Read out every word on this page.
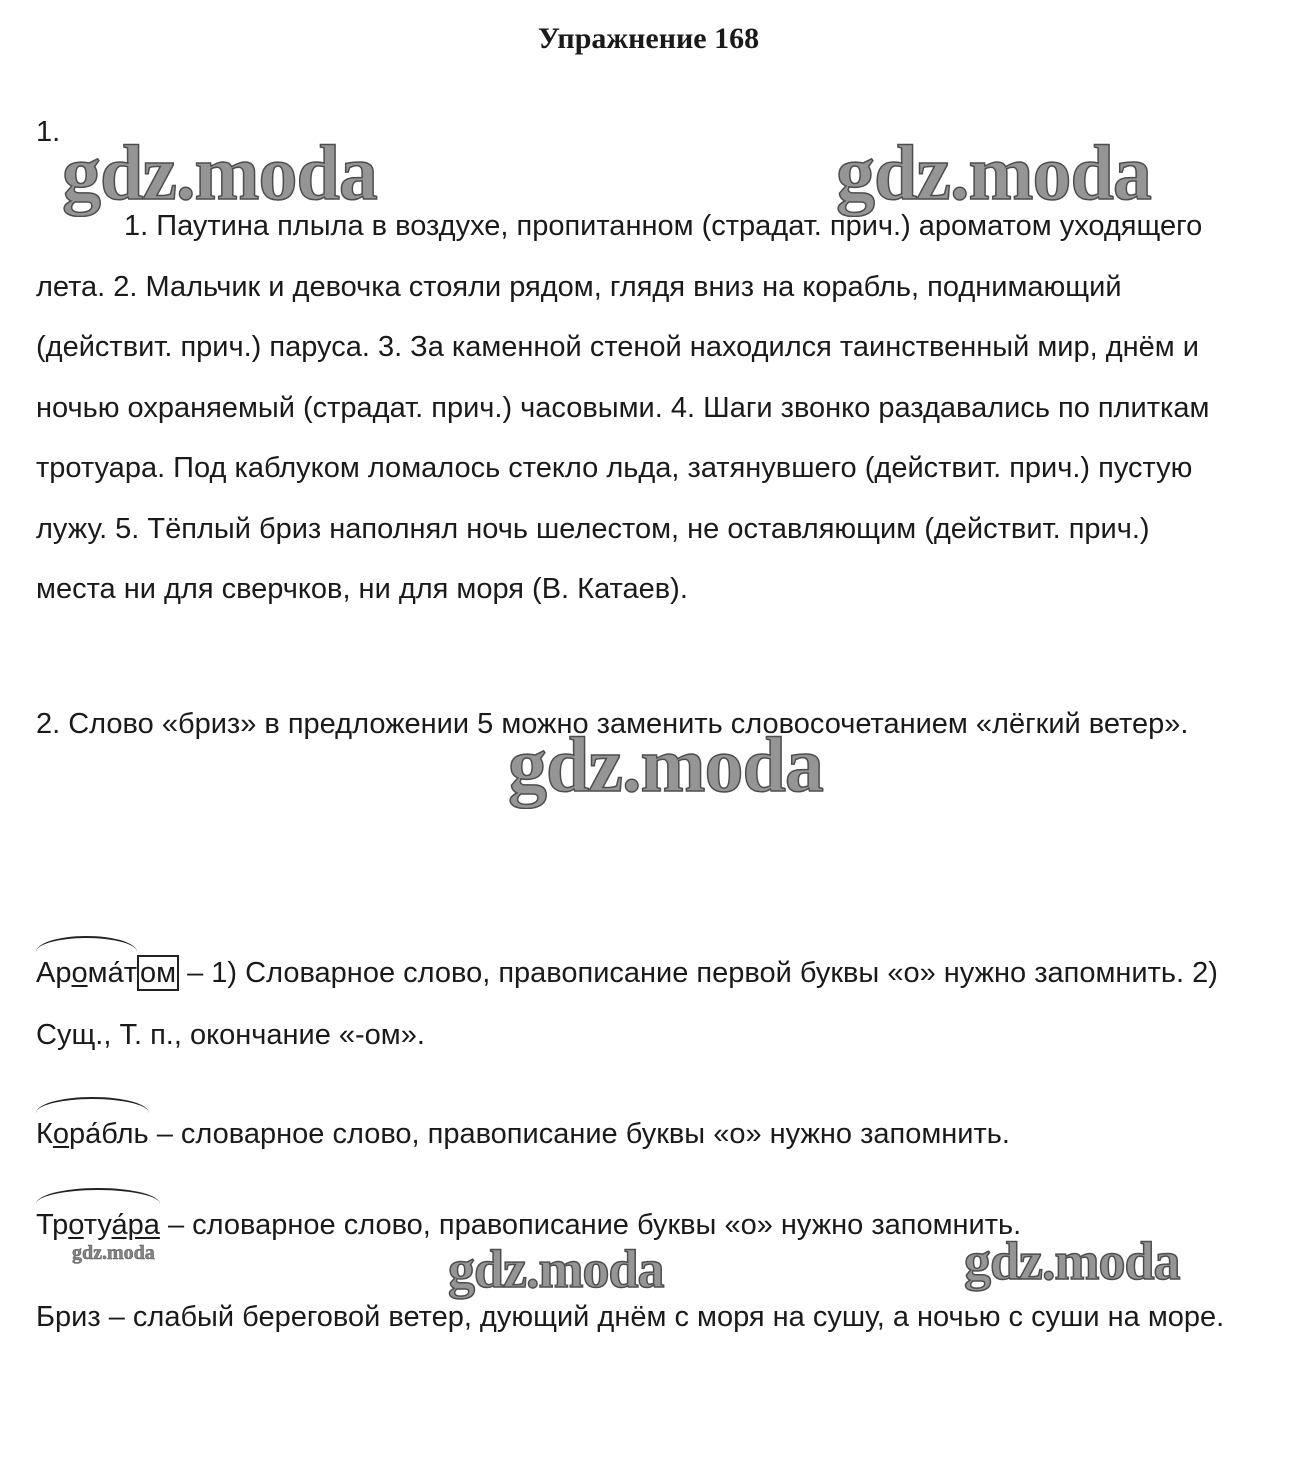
Упражнение 168
1.

1. Паутина плыла в воздухе, пропитанном (страдат. прич.) ароматом уходящего лета. 2. Мальчик и девочка стояли рядом, глядя вниз на корабль, поднимающий (действит. прич.) паруса. 3. За каменной стеной находился таинственный мир, днём и ночью охраняемый (страдат. прич.) часовыми. 4. Шаги звонко раздавались по плиткам тротуара. Под каблуком ломалось стекло льда, затянувшего (действит. прич.) пустую лужу. 5. Тёплый бриз наполнял ночь шелестом, не оставляющим (действит. прич.) места ни для сверчков, ни для моря (В. Катаев).

2. Слово «бриз» в предложении 5 можно заменить словосочетанием «лёгкий ветер».

Арома́т ом – 1) Словарное слово, правописание первой буквы «о» нужно запомнить. 2) Сущ., Т. п., окончание «-ом».

Кора́бль – словарное слово, правописание буквы «о» нужно запомнить.

Тротуа́ра – словарное слово, правописание буквы «о» нужно запомнить.

Бриз – слабый береговой ветер, дующий днём с моря на сушу, а ночью с суши на море.

gdz.moda	gdz.moda
gdz.moda
gdz.moda	gdz.moda
gdz.moda
